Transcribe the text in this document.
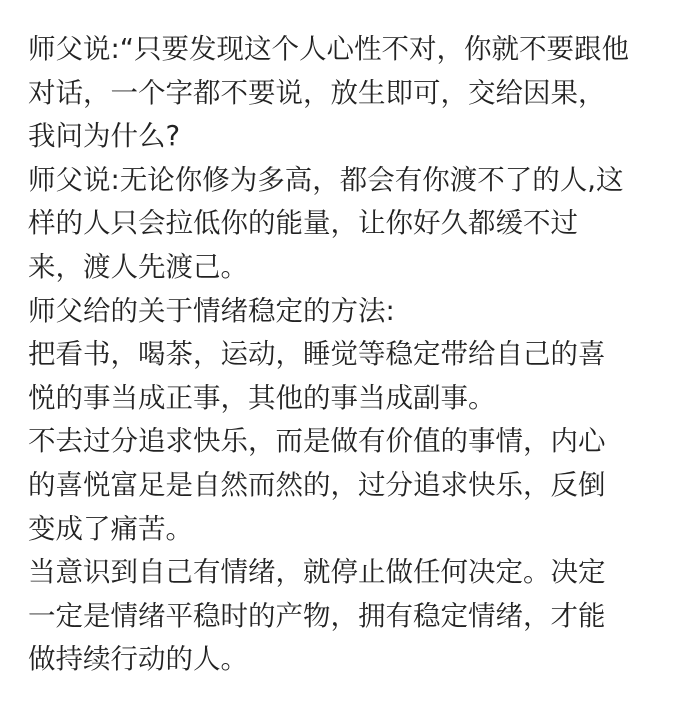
师父说:“只要发现这个人心性不对，你就不要跟他
对话，一个字都不要说，放生即可，交给因果，
我问为什么?
师父说:无论你修为多高，都会有你渡不了的人,这
样的人只会拉低你的能量，让你好久都缓不过
来，渡人先渡己。
师父给的关于情绪稳定的方法:
把看书，喝茶，运动，睡觉等稳定带给自己的喜
悦的事当成正事，其他的事当成副事。
不去过分追求快乐，而是做有价值的事情，内心
的喜悦富足是自然而然的，过分追求快乐，反倒
变成了痛苦。
当意识到自己有情绪，就停止做任何决定。决定
一定是情绪平稳时的产物，拥有稳定情绪，才能
做持续行动的人。
